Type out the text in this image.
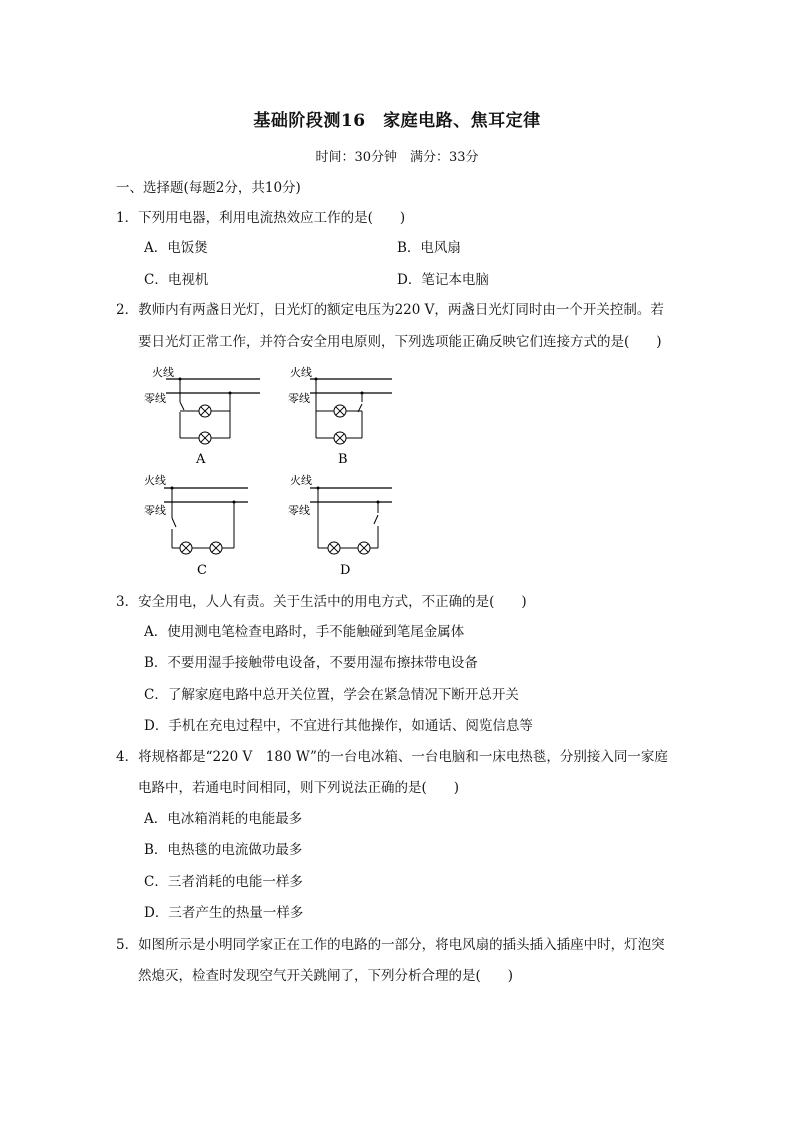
基础阶段测16　家庭电路、焦耳定律
时间：30分钟　满分：33分
一、选择题(每题2分，共10分)
1．下列用电器，利用电流热效应工作的是(　　)
A．电饭煲	B．电风扇
C．电视机	D．笔记本电脑
2．教师内有两盏日光灯，日光灯的额定电压为220 V，两盏日光灯同时由一个开关控制。若
要日光灯正常工作，并符合安全用电原则，下列选项能正确反映它们连接方式的是(　　)
火线
零线
A
火线
零线
B
火线
零线
C
火线
零线
D
3．安全用电，人人有责。关于生活中的用电方式，不正确的是(　　)
A．使用测电笔检查电路时，手不能触碰到笔尾金属体
B．不要用湿手接触带电设备，不要用湿布擦抹带电设备
C．了解家庭电路中总开关位置，学会在紧急情况下断开总开关
D．手机在充电过程中，不宜进行其他操作，如通话、阅览信息等
4．将规格都是“220 V　180 W”的一台电冰箱、一台电脑和一床电热毯，分别接入同一家庭
电路中，若通电时间相同，则下列说法正确的是(　　)
A．电冰箱消耗的电能最多
B．电热毯的电流做功最多
C．三者消耗的电能一样多
D．三者产生的热量一样多
5．如图所示是小明同学家正在工作的电路的一部分，将电风扇的插头插入插座中时，灯泡突
然熄灭，检查时发现空气开关跳闸了，下列分析合理的是(　　)
